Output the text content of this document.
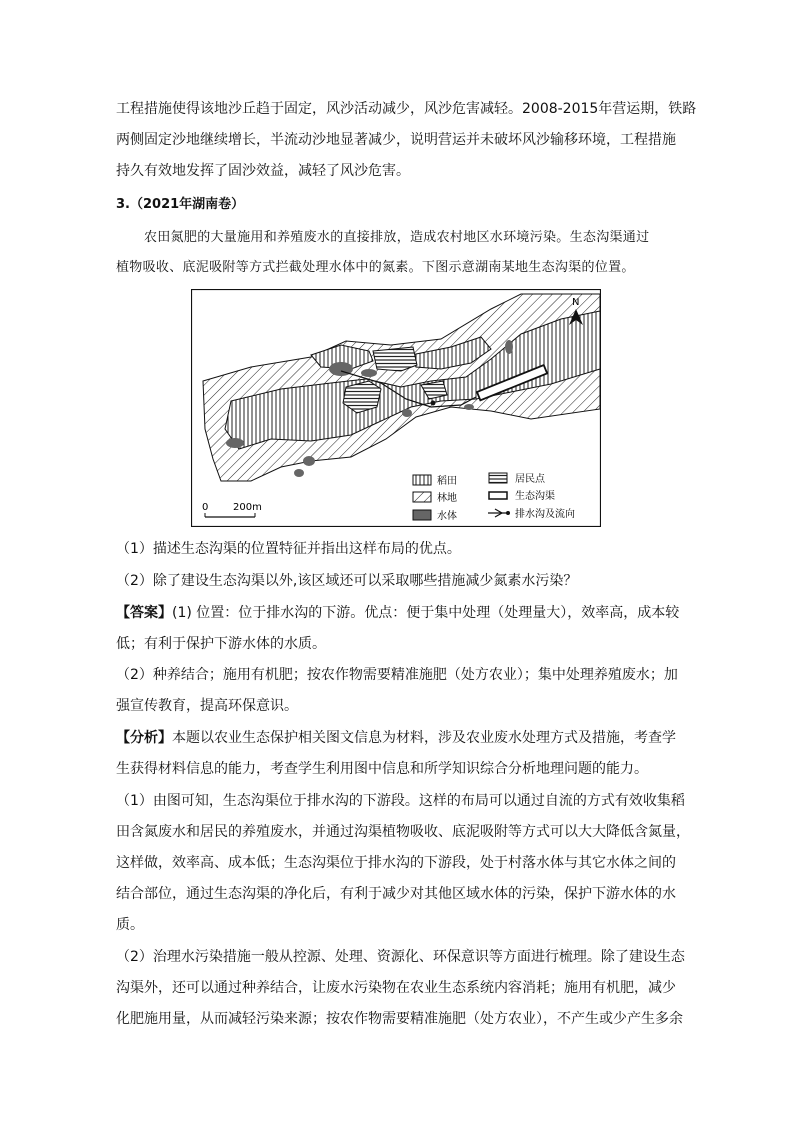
工程措施使得该地沙丘趋于固定，风沙活动减少，风沙危害减轻。2008-2015年营运期，铁路

两侧固定沙地继续增长，半流动沙地显著减少，说明营运并未破坏风沙输移环境，工程措施

持久有效地发挥了固沙效益，减轻了风沙危害。

3.（2021年湖南卷）

农田氮肥的大量施用和养殖废水的直接排放，造成农村地区水环境污染。生态沟渠通过
植物吸收、底泥吸附等方式拦截处理水体中的氮素。下图示意湖南某地生态沟渠的位置。
N
0 200m
稻田
林地
水体
居民点
生态沟渠
排水沟及流向

（1）描述生态沟渠的位置特征并指出这样布局的优点。

（2）除了建设生态沟渠以外,该区域还可以采取哪些措施减少氮素水污染？

【答案】(1) 位置：位于排水沟的下游。优点：便于集中处理（处理量大），效率高，成本较

低；有利于保护下游水体的水质。

（2）种养结合；施用有机肥；按农作物需要精准施肥（处方农业）；集中处理养殖废水；加

强宣传教育，提高环保意识。

【分析】本题以农业生态保护相关图文信息为材料，涉及农业废水处理方式及措施，考查学

生获得材料信息的能力，考查学生利用图中信息和所学知识综合分析地理问题的能力。

（1）由图可知，生态沟渠位于排水沟的下游段。这样的布局可以通过自流的方式有效收集稻

田含氮废水和居民的养殖废水，并通过沟渠植物吸收、底泥吸附等方式可以大大降低含氮量，

这样做，效率高、成本低；生态沟渠位于排水沟的下游段，处于村落水体与其它水体之间的

结合部位，通过生态沟渠的净化后，有利于减少对其他区域水体的污染，保护下游水体的水

质。

（2）治理水污染措施一般从控源、处理、资源化、环保意识等方面进行梳理。除了建设生态

沟渠外，还可以通过种养结合，让废水污染物在农业生态系统内容消耗；施用有机肥，减少

化肥施用量，从而减轻污染来源；按农作物需要精准施肥（处方农业），不产生或少产生多余
